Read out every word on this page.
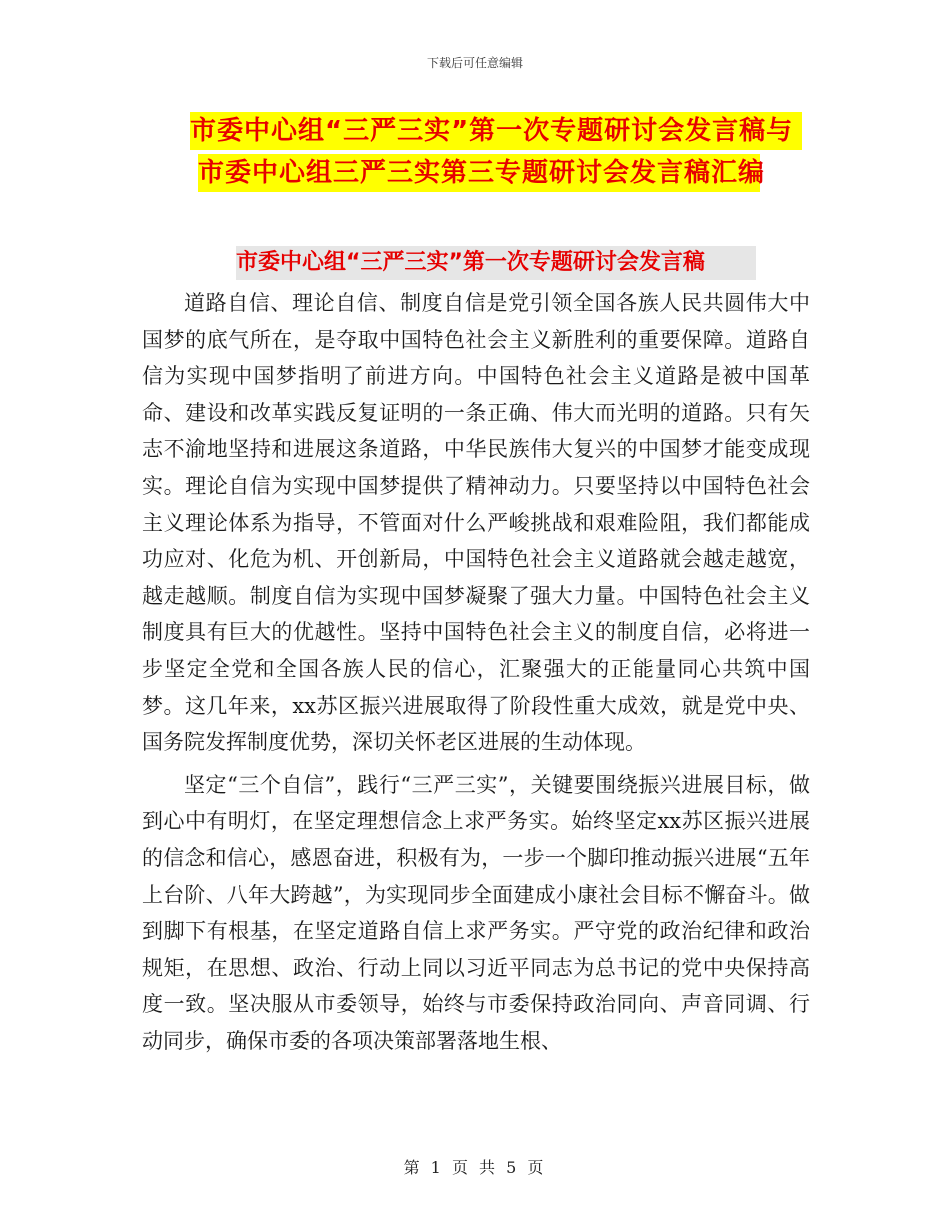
下载后可任意编辑
市委中心组“三严三实”第一次专题研讨会发言稿与
市委中心组三严三实第三专题研讨会发言稿汇编
市委中心组“三严三实”第一次专题研讨会发言稿

道路自信、理论自信、制度自信是党引领全国各族人民共圆伟大中国梦的底气所在，是夺取中国特色社会主义新胜利的重要保障。道路自信为实现中国梦指明了前进方向。中国特色社会主义道路是被中国革命、建设和改革实践反复证明的一条正确、伟大而光明的道路。只有矢志不渝地坚持和进展这条道路，中华民族伟大复兴的中国梦才能变成现实。理论自信为实现中国梦提供了精神动力。只要坚持以中国特色社会主义理论体系为指导，不管面对什么严峻挑战和艰难险阻，我们都能成功应对、化危为机、开创新局，中国特色社会主义道路就会越走越宽，越走越顺。制度自信为实现中国梦凝聚了强大力量。中国特色社会主义制度具有巨大的优越性。坚持中国特色社会主义的制度自信，必将进一步坚定全党和全国各族人民的信心，汇聚强大的正能量同心共筑中国梦。这几年来，xx苏区振兴进展取得了阶段性重大成效，就是党中央、国务院发挥制度优势，深切关怀老区进展的生动体现。

坚定“三个自信”，践行“三严三实”，关键要围绕振兴进展目标，做到心中有明灯，在坚定理想信念上求严务实。始终坚定xx苏区振兴进展的信念和信心，感恩奋进，积极有为，一步一个脚印推动振兴进展“五年上台阶、八年大跨越”，为实现同步全面建成小康社会目标不懈奋斗。做到脚下有根基，在坚定道路自信上求严务实。严守党的政治纪律和政治规矩，在思想、政治、行动上同以习近平同志为总书记的党中央保持高度一致。坚决服从市委领导，始终与市委保持政治同向、声音同调、行动同步，确保市委的各项决策部署落地生根、

第 1 页 共 5 页
